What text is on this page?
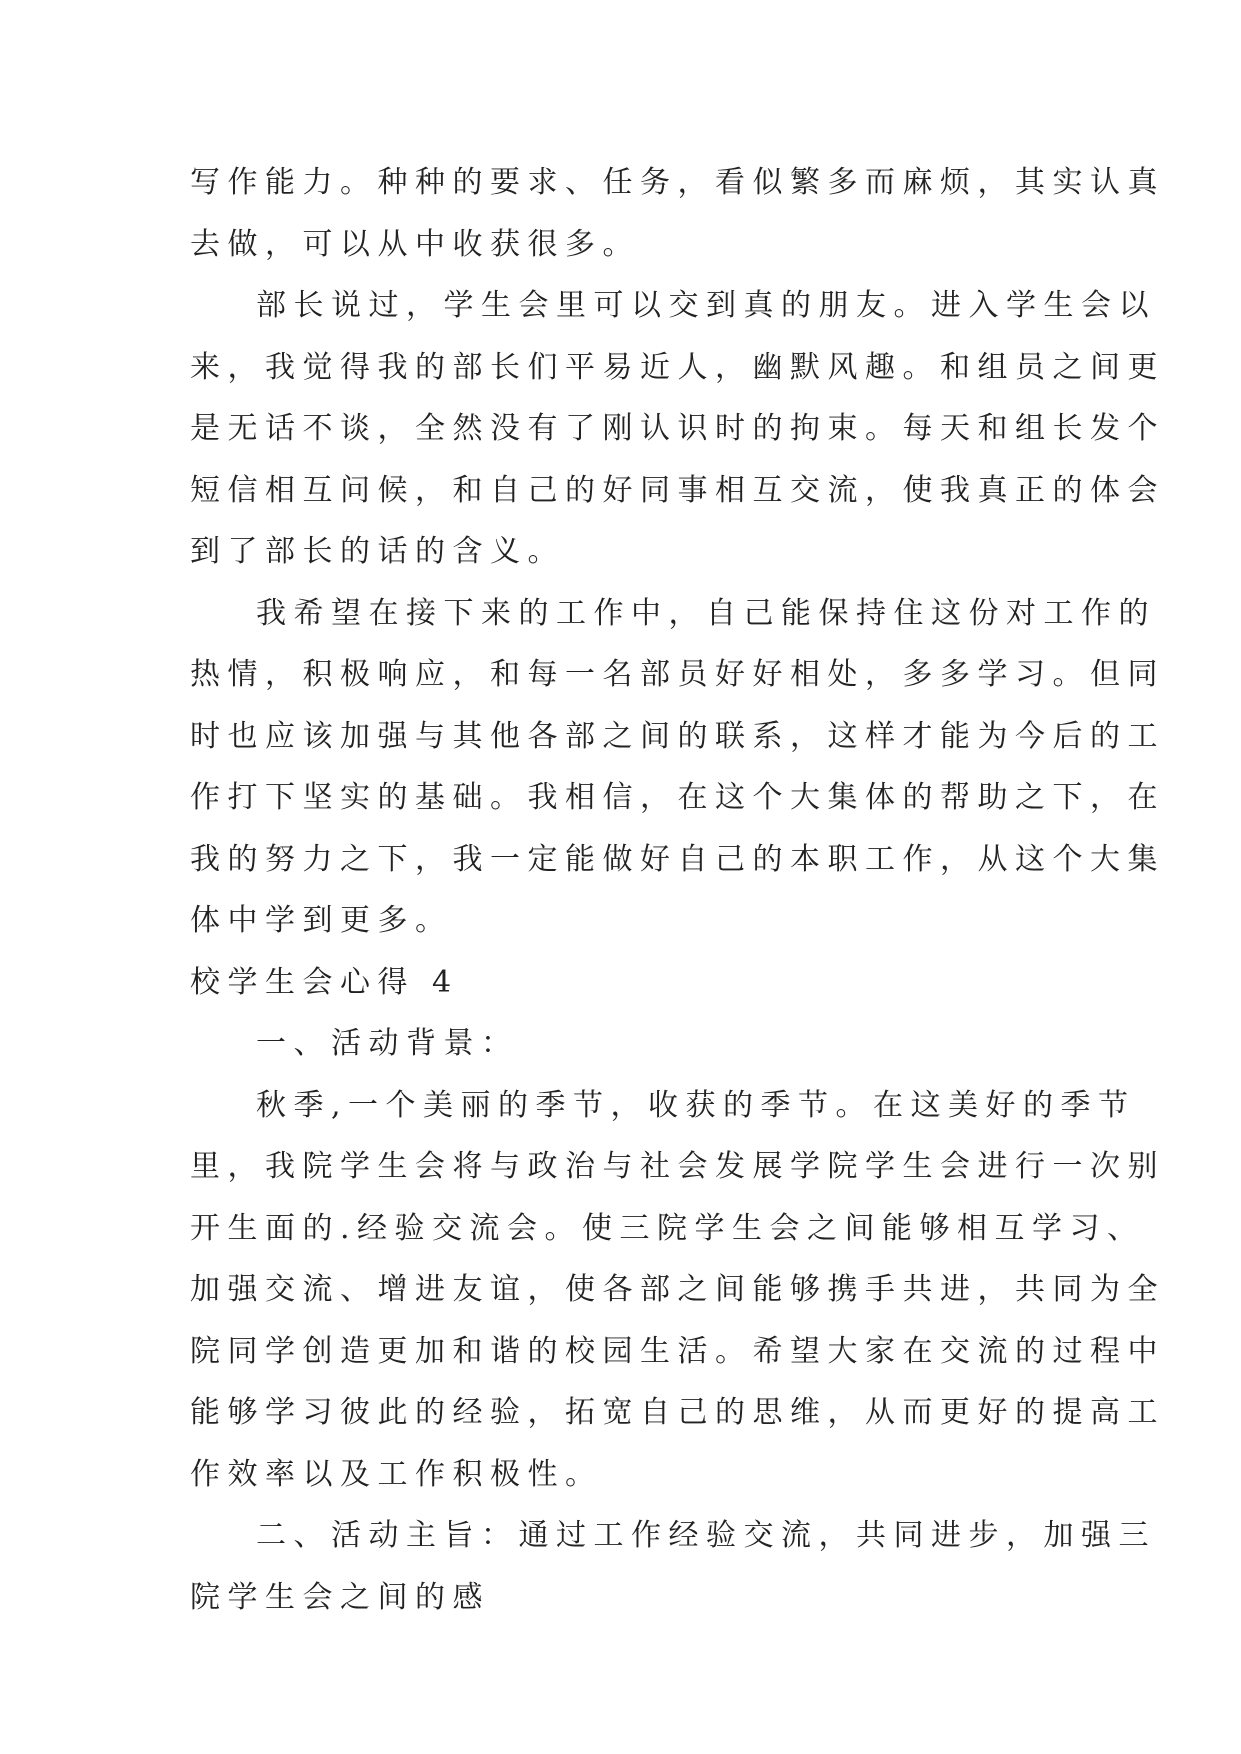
写作能力。种种的要求、任务，看似繁多而麻烦，其实认真
去做，可以从中收获很多。
部长说过，学生会里可以交到真的朋友。进入学生会以
来，我觉得我的部长们平易近人，幽默风趣。和组员之间更
是无话不谈，全然没有了刚认识时的拘束。每天和组长发个
短信相互问候，和自己的好同事相互交流，使我真正的体会
到了部长的话的含义。
我希望在接下来的工作中，自己能保持住这份对工作的
热情，积极响应，和每一名部员好好相处，多多学习。但同
时也应该加强与其他各部之间的联系，这样才能为今后的工
作打下坚实的基础。我相信，在这个大集体的帮助之下，在
我的努力之下，我一定能做好自己的本职工作，从这个大集
体中学到更多。
校学生会心得 4
一、活动背景：
秋季,一个美丽的季节，收获的季节。在这美好的季节
里，我院学生会将与政治与社会发展学院学生会进行一次别
开生面的.经验交流会。使三院学生会之间能够相互学习、
加强交流、增进友谊，使各部之间能够携手共进，共同为全
院同学创造更加和谐的校园生活。希望大家在交流的过程中
能够学习彼此的经验，拓宽自己的思维，从而更好的提高工
作效率以及工作积极性。
二、活动主旨：通过工作经验交流，共同进步，加强三
院学生会之间的感
